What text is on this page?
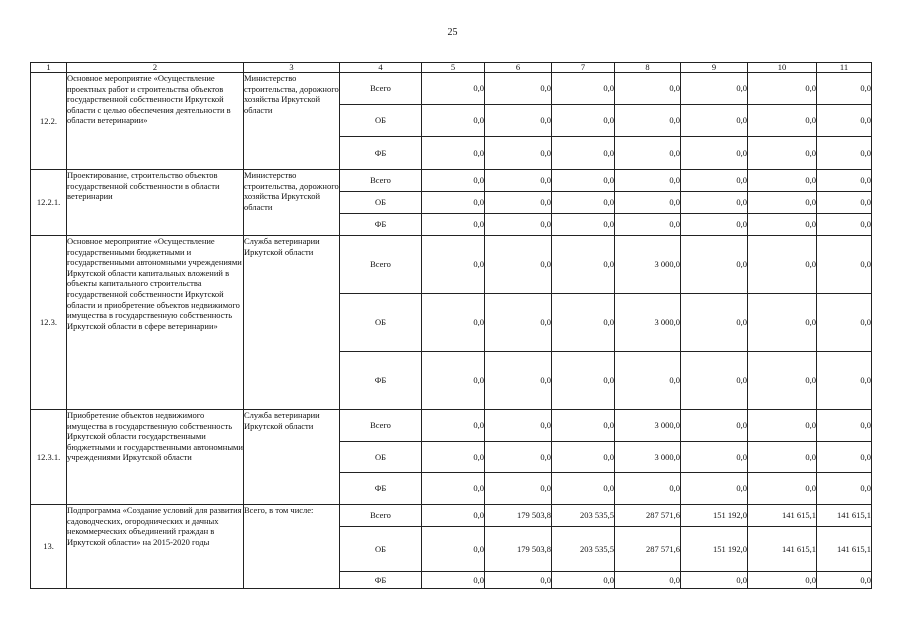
25
1	2	3	4	5	6	7	8	9	10	11
12.2.	Основное мероприятие «Осуществление проектных работ и строительства объектов государственной собственности Иркутской области с целью обеспечения деятельности в области ветеринарии»	Министерство строительства, дорожного хозяйства Иркутской области	Всего	0,0	0,0	0,0	0,0	0,0	0,0	0,0
			ОБ	0,0	0,0	0,0	0,0	0,0	0,0	0,0
			ФБ	0,0	0,0	0,0	0,0	0,0	0,0	0,0
12.2.1.	Проектирование, строительство объектов государственной собственности в области ветеринарии	Министерство строительства, дорожного хозяйства Иркутской области	Всего	0,0	0,0	0,0	0,0	0,0	0,0	0,0
			ОБ	0,0	0,0	0,0	0,0	0,0	0,0	0,0
			ФБ	0,0	0,0	0,0	0,0	0,0	0,0	0,0
12.3.	Основное мероприятие «Осуществление государственными бюджетными и государственными автономными учреждениями Иркутской области капитальных вложений в объекты капитального строительства государственной собственности Иркутской области и приобретение объектов недвижимого имущества в государственную собственность Иркутской области в сфере ветеринарии»	Служба ветеринарии Иркутской области	Всего	0,0	0,0	0,0	3 000,0	0,0	0,0	0,0
			ОБ	0,0	0,0	0,0	3 000,0	0,0	0,0	0,0
			ФБ	0,0	0,0	0,0	0,0	0,0	0,0	0,0
12.3.1.	Приобретение объектов недвижимого имущества в государственную собственность Иркутской области государственными бюджетными и государственными автономными учреждениями Иркутской области	Служба ветеринарии Иркутской области	Всего	0,0	0,0	0,0	3 000,0	0,0	0,0	0,0
			ОБ	0,0	0,0	0,0	3 000,0	0,0	0,0	0,0
			ФБ	0,0	0,0	0,0	0,0	0,0	0,0	0,0
13.	Подпрограмма «Создание условий для развития садоводческих, огороднических и дачных некоммерческих объединений граждан в Иркутской области» на 2015-2020 годы	Всего, в том числе:	Всего	0,0	179 503,8	203 535,5	287 571,6	151 192,0	141 615,1	141 615,1
			ОБ	0,0	179 503,8	203 535,5	287 571,6	151 192,0	141 615,1	141 615,1
			ФБ	0,0	0,0	0,0	0,0	0,0	0,0	0,0
